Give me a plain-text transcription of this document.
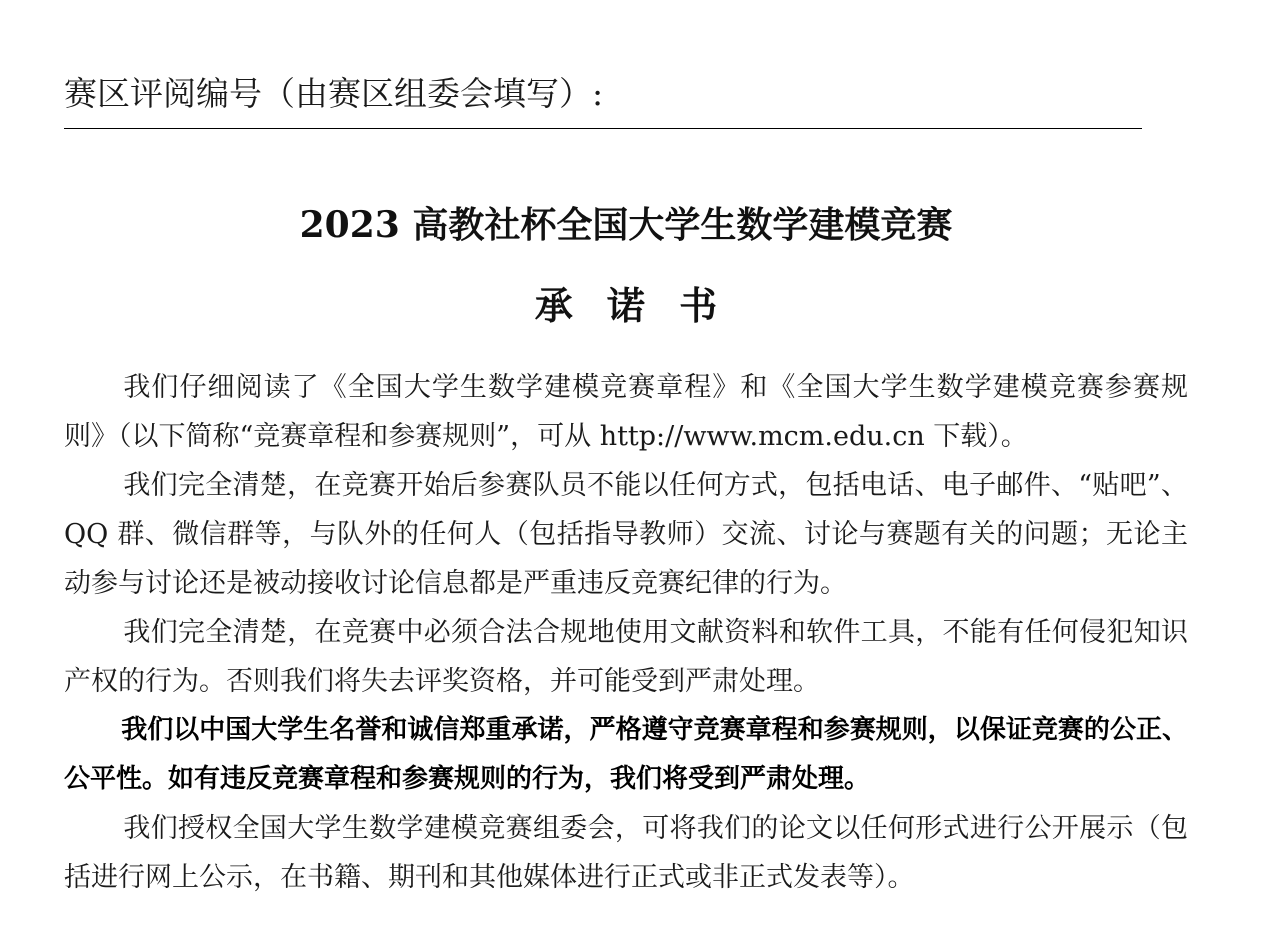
赛区评阅编号（由赛区组委会填写）:
2023 高教社杯全国大学生数学建模竞赛
承诺书

我们仔细阅读了《全国大学生数学建模竞赛章程》和《全国大学生数学建模竞赛参赛规则》（以下简称“竞赛章程和参赛规则”，可从 http://www.mcm.edu.cn 下载）。

我们完全清楚，在竞赛开始后参赛队员不能以任何方式，包括电话、电子邮件、“贴吧”、QQ 群、微信群等，与队外的任何人（包括指导教师）交流、讨论与赛题有关的问题；无论主动参与讨论还是被动接收讨论信息都是严重违反竞赛纪律的行为。

我们完全清楚，在竞赛中必须合法合规地使用文献资料和软件工具，不能有任何侵犯知识产权的行为。否则我们将失去评奖资格，并可能受到严肃处理。

我们以中国大学生名誉和诚信郑重承诺，严格遵守竞赛章程和参赛规则，以保证竞赛的公正、公平性。如有违反竞赛章程和参赛规则的行为，我们将受到严肃处理。

我们授权全国大学生数学建模竞赛组委会，可将我们的论文以任何形式进行公开展示（包括进行网上公示，在书籍、期刊和其他媒体进行正式或非正式发表等）。
